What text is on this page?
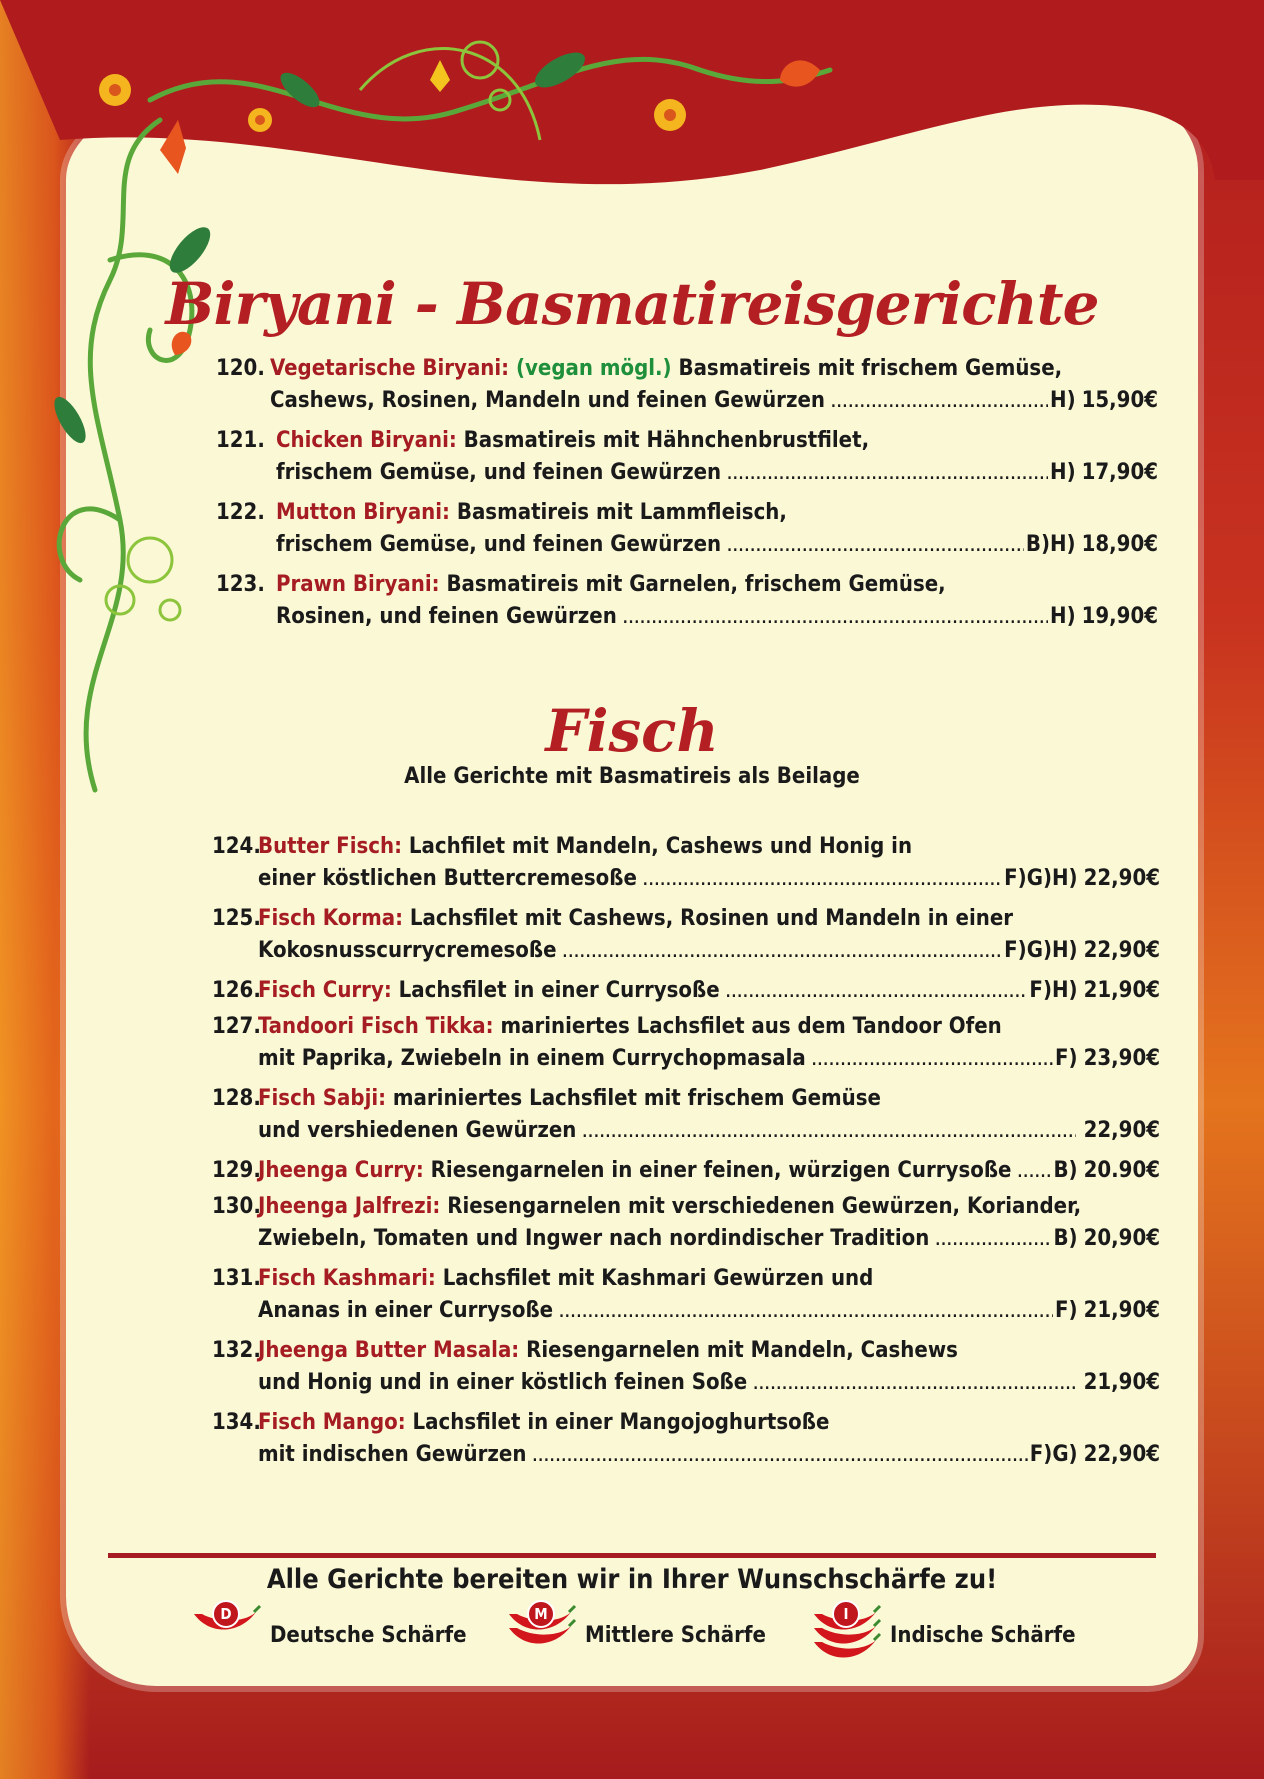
Biryani - Basmatireisgerichte
Fisch
Alle Gerichte mit Basmatireis als Beilage
120. Vegetarische Biryani: (vegan mögl.) Basmatireis mit frischem Gemüse,
Cashews, Rosinen, Mandeln und feinen Gewürzen .....	H) 15,90€
121. Chicken Biryani: Basmatireis mit Hähnchenbrustfilet,
frischem Gemüse, und feinen Gewürzen .....	H) 17,90€
122. Mutton Biryani: Basmatireis mit Lammfleisch,
frischem Gemüse, und feinen Gewürzen .....	B)H) 18,90€
123. Prawn Biryani: Basmatireis mit Garnelen, frischem Gemüse,
Rosinen, und feinen Gewürzen .....	H) 19,90€
124.
Butter Fisch: Lachfilet mit Mandeln, Cashews und Honig in
einer köstlichen Buttercremesoße .....	F)G)H) 22,90€
125.
Fisch Korma: Lachsfilet mit Cashews, Rosinen und Mandeln in einer
Kokosnusscurrycremesoße .....	F)G)H) 22,90€
126.
Fisch Curry: Lachsfilet in einer Currysoße .....	F)H) 21,90€
127.
Tandoori Fisch Tikka: mariniertes Lachsfilet aus dem Tandoor Ofen
mit Paprika, Zwiebeln in einem Currychopmasala .....	F) 23,90€
128.
Fisch Sabji: mariniertes Lachsfilet mit frischem Gemüse
und vershiedenen Gewürzen .....	22,90€
129.
Jheenga Curry: Riesengarnelen in einer feinen, würzigen Currysoße ..... B) 20.90€
130.
Jheenga Jalfrezi: Riesengarnelen mit verschiedenen Gewürzen, Koriander,
Zwiebeln, Tomaten und Ingwer nach nordindischer Tradition .....	B) 20,90€
131.
Fisch Kashmari: Lachsfilet mit Kashmari Gewürzen und
Ananas in einer Currysoße .....	F) 21,90€
132.
Jheenga Butter Masala: Riesengarnelen mit Mandeln, Cashews
und Honig und in einer köstlich feinen Soße .....	21,90€
134.
Fisch Mango: Lachsfilet in einer Mangojoghurtsoße
mit indischen Gewürzen .....	F)G) 22,90€
Alle Gerichte bereiten wir in Ihrer Wunschschärfe zu!
D
Deutsche Schärfe
M
Mittlere Schärfe
I
Indische Schärfe
